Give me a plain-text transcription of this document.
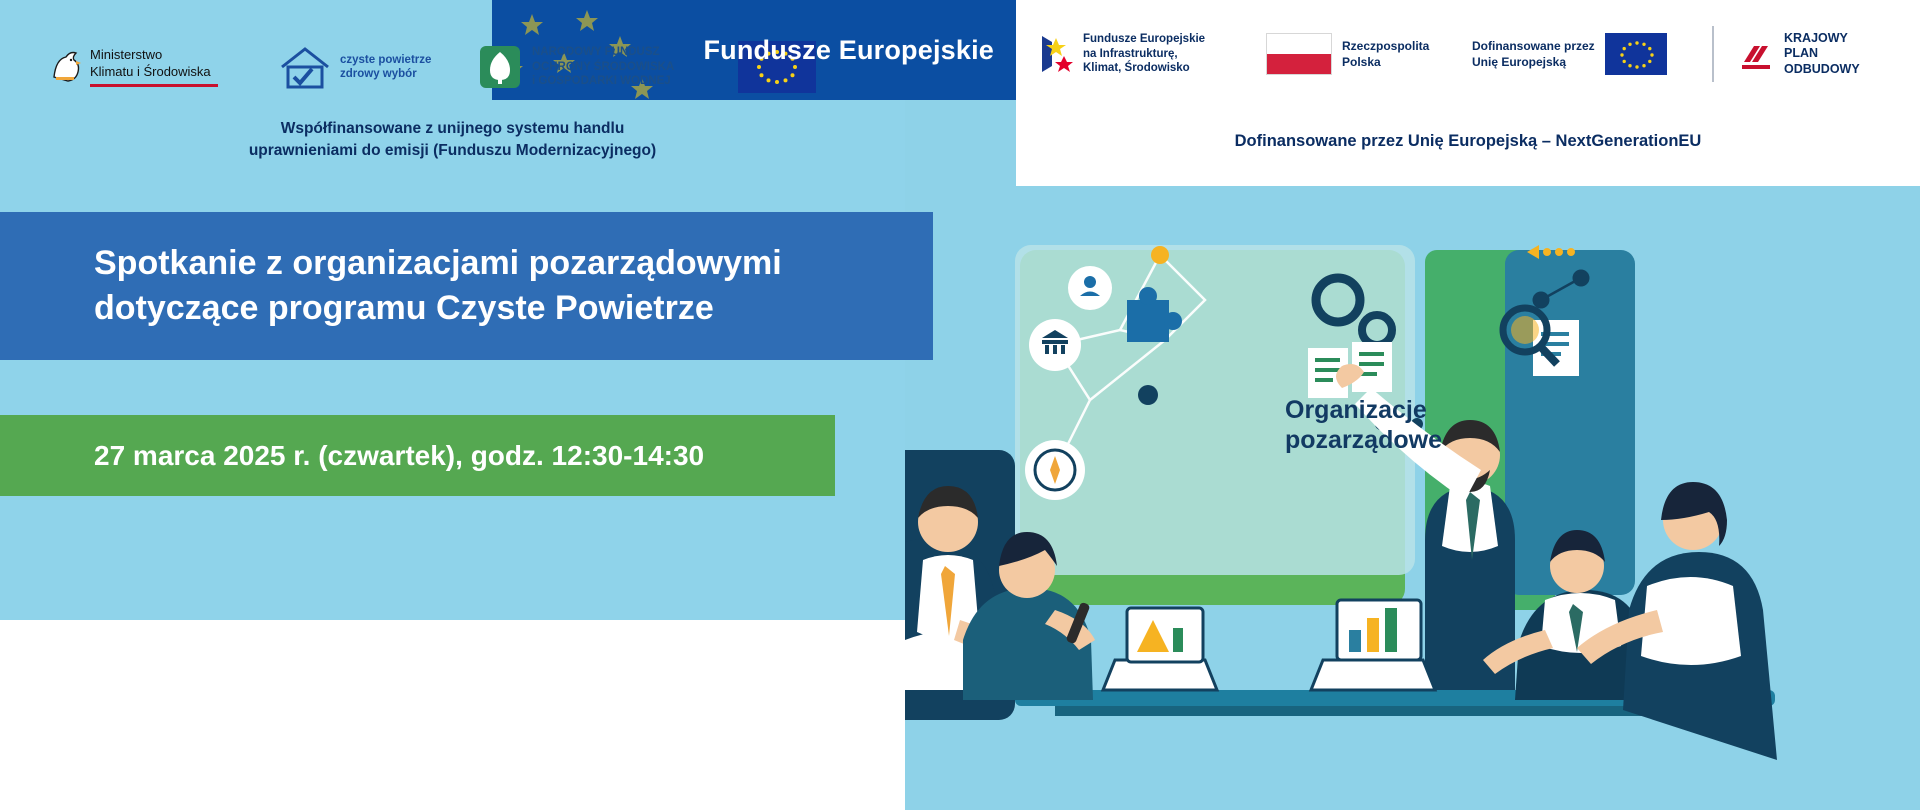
Fundusze Europejskie	Fundusze Europejskie
na Infrastrukturę,
Klimat, Środowisko
Rzeczpospolita
Polska
Dofinansowane przez
Unię Europejską
KRAJOWY
PLAN
ODBUDOWY
Dofinansowane przez Unię Europejską – NextGenerationEU
Organizacje
pozarządowe
Spotkanie z organizacjami pozarządowymi dotyczące programu Czyste Powietrze
27 marca 2025 r. (czwartek), godz. 12:30-14:30
Ministerstwo
Klimatu i Środowiska
czyste powietrze
zdrowy wybór
NARODOWY FUNDUSZ
OCHRONY ŚRODOWISKA
i GOSPODARKI WODNEJ
Współfinansowane z unijnego systemu handlu
uprawnieniami do emisji (Funduszu Modernizacyjnego)
